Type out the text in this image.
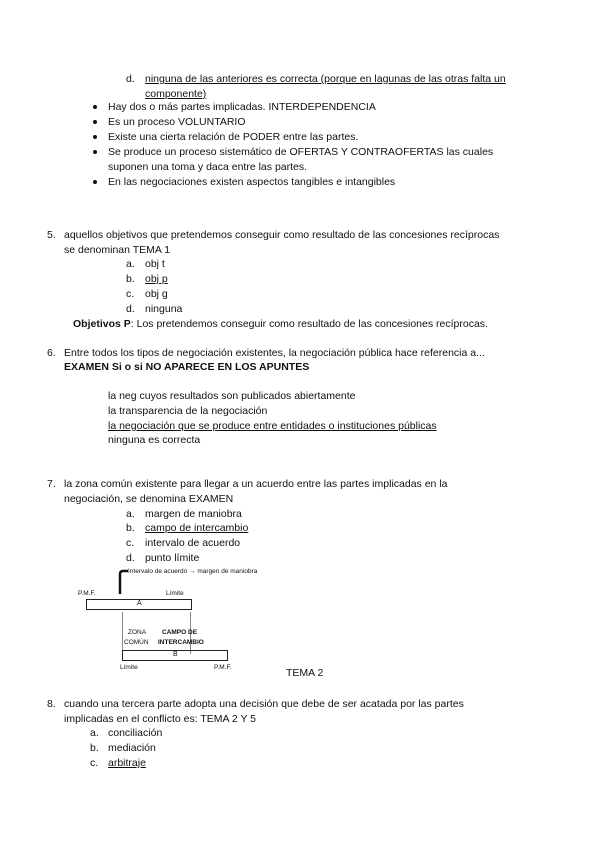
d. ninguna de las anteriores es correcta (porque en lagunas de las otras falta un
componente)
Hay dos o más partes implicadas. INTERDEPENDENCIA
Es un proceso VOLUNTARIO
Existe una cierta relación de PODER entre las partes.
Se produce un proceso sistemático de OFERTAS Y CONTRAOFERTAS las cuales
suponen una toma y daca entre las partes.
En las negociaciones existen aspectos tangibles e intangibles
5. aquellos objetivos que pretendemos conseguir como resultado de las concesiones recíprocas
se denominan TEMA 1
a. obj t
b. obj p
c. obj g
d. ninguna
Objetivos P: Los pretendemos conseguir como resultado de las concesiones recíprocas.
6. Entre todos los tipos de negociación existentes, la negociación pública hace referencia a...
EXAMEN Si o si NO APARECE EN LOS APUNTES
la neg cuyos resultados son publicados abiertamente
la transparencia de la negociación
la negociación que se produce entre entidades o instituciones públicas
ninguna es correcta
7. la zona común existente para llegar a un acuerdo entre las partes implicadas en la
negociación, se denomina EXAMEN
a. margen de maniobra
b. campo de intercambio
c. intervalo de acuerdo
d. punto límite
Intervalo de acuerdo → margen de maniobra
P.M.F.	Límite
A
ZONA CAMPO DE
COMÚN INTERCAMBIO
B
Límite	P.M.F.	TEMA 2
8. cuando una tercera parte adopta una decisión que debe de ser acatada por las partes
implicadas en el conflicto es: TEMA 2 Y 5
a. conciliación
b. mediación
c. arbitraje
